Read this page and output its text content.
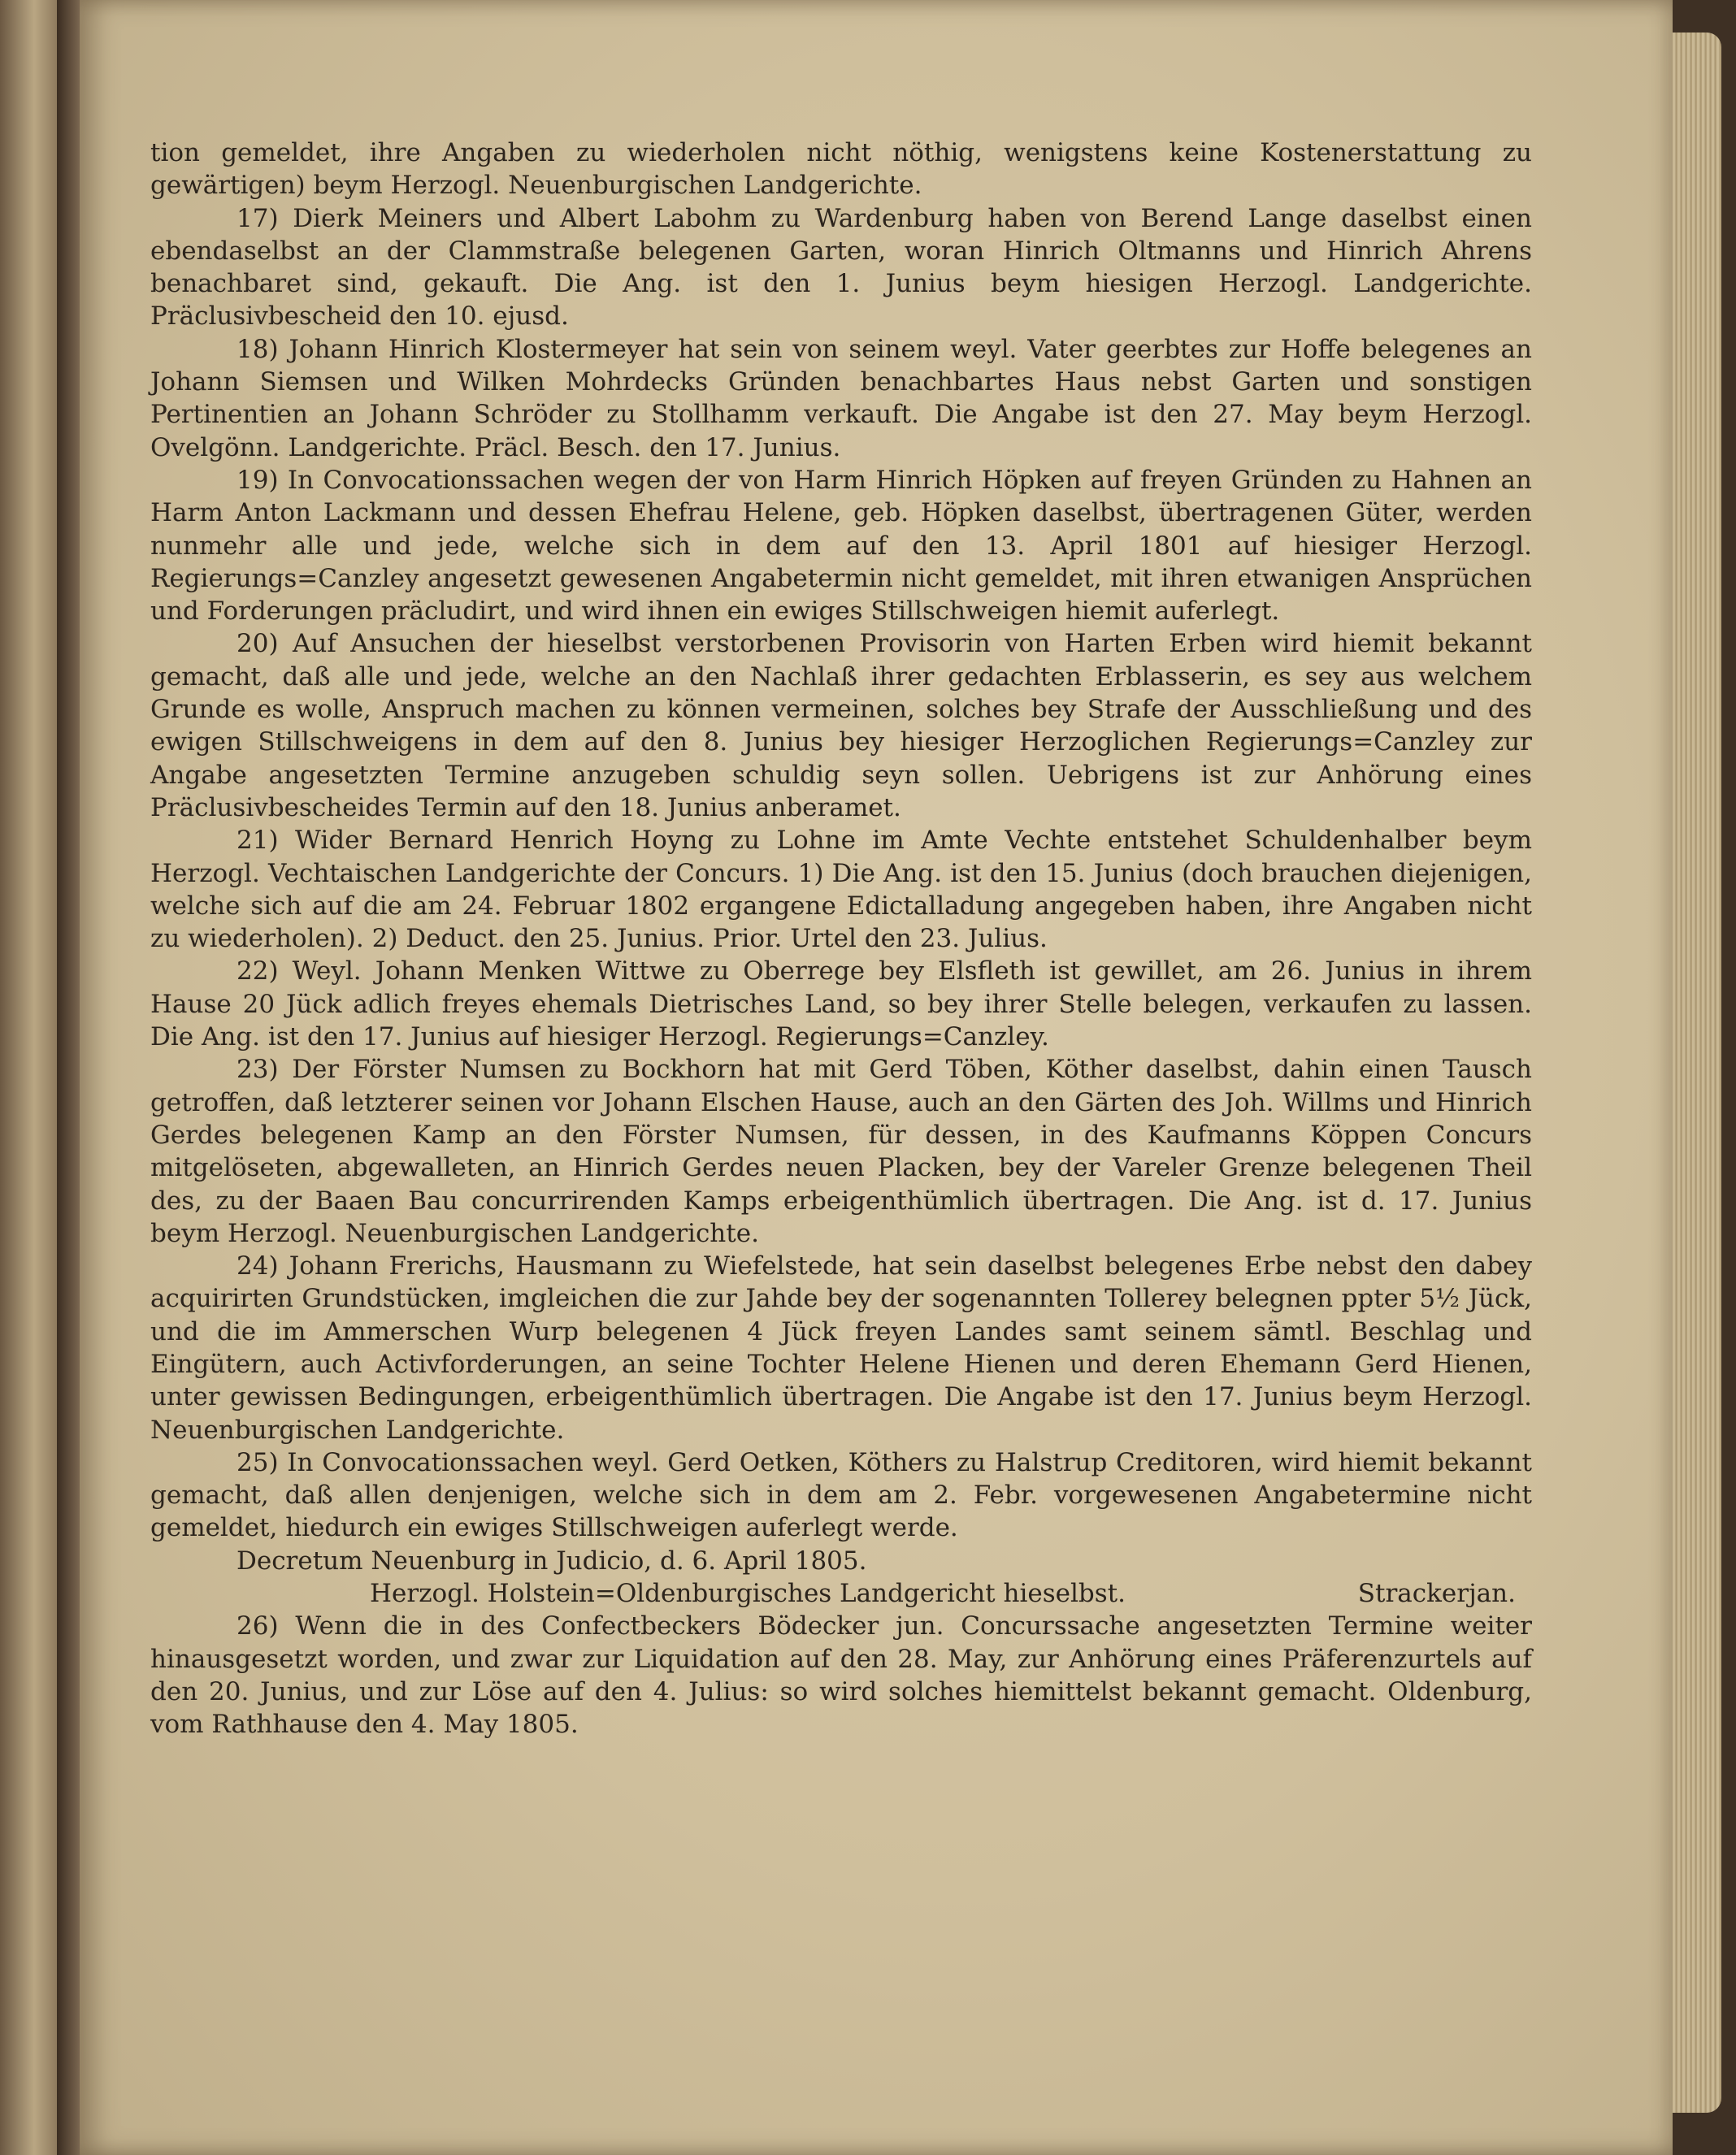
tion gemeldet, ihre Angaben zu wiederholen nicht nöthig, wenigstens keine Kostenerstattung zu gewärtigen) beym Herzogl. Neuenburgischen Landgerichte.

17) Dierk Meiners und Albert Labohm zu Wardenburg haben von Berend Lange daselbst einen ebendaselbst an der Clammstraße belegenen Garten, woran Hinrich Oltmanns und Hinrich Ahrens benachbaret sind, gekauft. Die Ang. ist den 1. Junius beym hiesigen Herzogl. Landgerichte. Präclusivbescheid den 10. ejusd.

18) Johann Hinrich Klostermeyer hat sein von seinem weyl. Vater geerbtes zur Hoffe belegenes an Johann Siemsen und Wilken Mohrdecks Gründen benachbartes Haus nebst Garten und sonstigen Pertinentien an Johann Schröder zu Stollhamm verkauft. Die Angabe ist den 27. May beym Herzogl. Ovelgönn. Landgerichte. Präcl. Besch. den 17. Junius.

19) In Convocationssachen wegen der von Harm Hinrich Höpken auf freyen Gründen zu Hahnen an Harm Anton Lackmann und dessen Ehefrau Helene, geb. Höpken daselbst, übertragenen Güter, werden nunmehr alle und jede, welche sich in dem auf den 13. April 1801 auf hiesiger Herzogl. Regierungs=Canzley angesetzt gewesenen Angabetermin nicht gemeldet, mit ihren etwanigen Ansprüchen und Forderungen präcludirt, und wird ihnen ein ewiges Stillschweigen hiemit auferlegt.

20) Auf Ansuchen der hieselbst verstorbenen Provisorin von Harten Erben wird hiemit bekannt gemacht, daß alle und jede, welche an den Nachlaß ihrer gedachten Erblasserin, es sey aus welchem Grunde es wolle, Anspruch machen zu können vermeinen, solches bey Strafe der Ausschließung und des ewigen Stillschweigens in dem auf den 8. Junius bey hiesiger Herzoglichen Regierungs=Canzley zur Angabe angesetzten Termine anzugeben schuldig seyn sollen. Uebrigens ist zur Anhörung eines Präclusivbescheides Termin auf den 18. Junius anberamet.

21) Wider Bernard Henrich Hoyng zu Lohne im Amte Vechte entstehet Schuldenhalber beym Herzogl. Vechtaischen Landgerichte der Concurs. 1) Die Ang. ist den 15. Junius (doch brauchen diejenigen, welche sich auf die am 24. Februar 1802 ergangene Edictalladung angegeben haben, ihre Angaben nicht zu wiederholen). 2) Deduct. den 25. Junius. Prior. Urtel den 23. Julius.

22) Weyl. Johann Menken Wittwe zu Oberrege bey Elsfleth ist gewillet, am 26. Junius in ihrem Hause 20 Jück adlich freyes ehemals Dietrisches Land, so bey ihrer Stelle belegen, verkaufen zu lassen. Die Ang. ist den 17. Junius auf hiesiger Herzogl. Regierungs=Canzley.

23) Der Förster Numsen zu Bockhorn hat mit Gerd Töben, Köther daselbst, dahin einen Tausch getroffen, daß letzterer seinen vor Johann Elschen Hause, auch an den Gärten des Joh. Willms und Hinrich Gerdes belegenen Kamp an den Förster Numsen, für dessen, in des Kaufmanns Köppen Concurs mitgelöseten, abgewalleten, an Hinrich Gerdes neuen Placken, bey der Vareler Grenze belegenen Theil des, zu der Baaen Bau concurrirenden Kamps erbeigenthümlich übertragen. Die Ang. ist d. 17. Junius beym Herzogl. Neuenburgischen Landgerichte.

24) Johann Frerichs, Hausmann zu Wiefelstede, hat sein daselbst belegenes Erbe nebst den dabey acquirirten Grundstücken, imgleichen die zur Jahde bey der sogenannten Tollerey belegnen ppter 5½ Jück, und die im Ammerschen Wurp belegenen 4 Jück freyen Landes samt seinem sämtl. Beschlag und Eingütern, auch Activforderungen, an seine Tochter Helene Hienen und deren Ehemann Gerd Hienen, unter gewissen Bedingungen, erbeigenthümlich übertragen. Die Angabe ist den 17. Junius beym Herzogl. Neuenburgischen Landgerichte.

25) In Convocationssachen weyl. Gerd Oetken, Köthers zu Halstrup Creditoren, wird hiemit bekannt gemacht, daß allen denjenigen, welche sich in dem am 2. Febr. vorgewesenen Angabetermine nicht gemeldet, hiedurch ein ewiges Stillschweigen auferlegt werde.

Decretum Neuenburg in Judicio, d. 6. April 1805.

Herzogl. Holstein=Oldenburgisches Landgericht hieselbst.	Strackerjan.

26) Wenn die in des Confectbeckers Bödecker jun. Concurssache angesetzten Termine weiter hinausgesetzt worden, und zwar zur Liquidation auf den 28. May, zur Anhörung eines Präferenzurtels auf den 20. Junius, und zur Löse auf den 4. Julius: so wird solches hiemittelst bekannt gemacht. Oldenburg, vom Rathhause den 4. May 1805.
